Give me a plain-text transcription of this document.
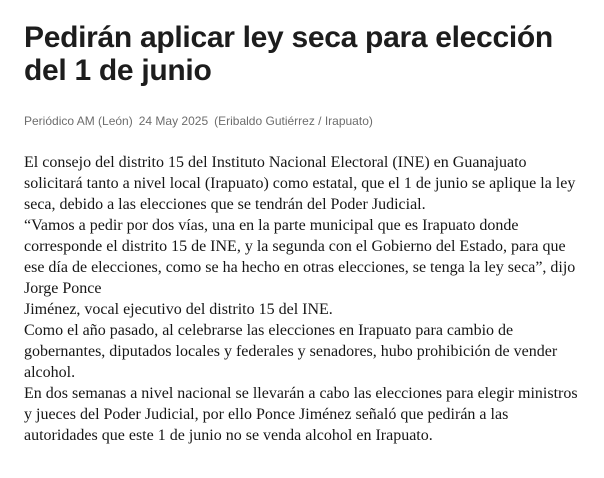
Pedirán aplicar ley seca para elección del 1 de junio
Periódico AM (León) 24 May 2025 (Eribaldo Gutiérrez / Irapuato)

El consejo del distrito 15 del Instituto Nacional Electoral (INE) en Guanajuato solicitará tanto a nivel local (Irapuato) como estatal, que el 1 de junio se aplique la ley seca, debido a las elecciones que se tendrán del Poder Judicial.

“Vamos a pedir por dos vías, una en la parte municipal que es Irapuato donde corresponde el distrito 15 de INE, y la segunda con el Gobierno del Estado, para que ese día de elecciones, como se ha hecho en otras elecciones, se tenga la ley seca”, dijo Jorge Ponce

Jiménez, vocal ejecutivo del distrito 15 del INE.

Como el año pasado, al celebrarse las elecciones en Irapuato para cambio de gobernantes, diputados locales y federales y senadores, hubo prohibición de vender alcohol.

En dos semanas a nivel nacional se llevarán a cabo las elecciones para elegir ministros y jueces del Poder Judicial, por ello Ponce Jiménez señaló que pedirán a las autoridades que este 1 de junio no se venda alcohol en Irapuato.
